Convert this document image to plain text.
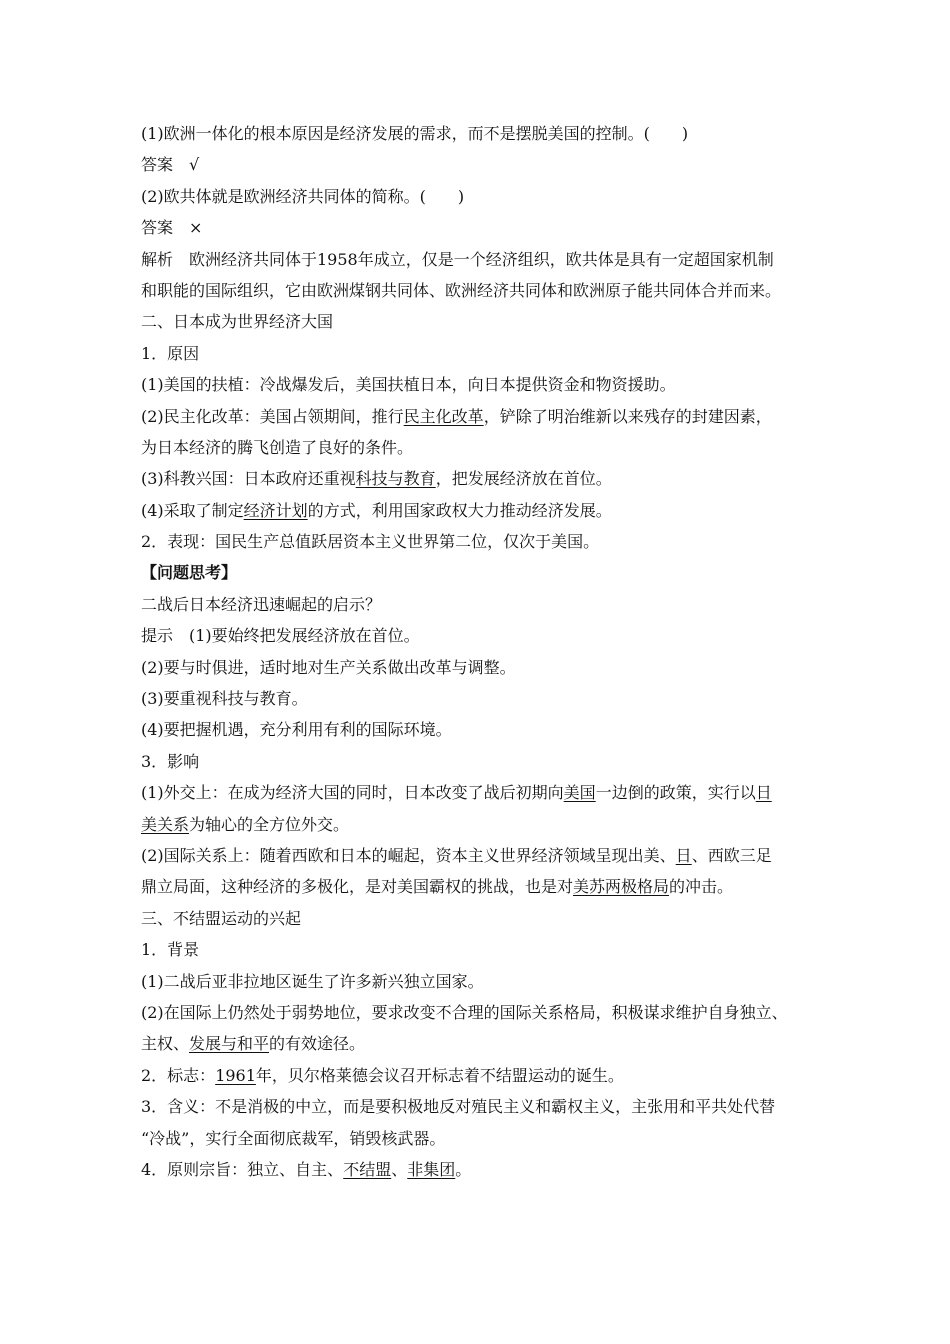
(1)欧洲一体化的根本原因是经济发展的需求，而不是摆脱美国的控制。(　　)
答案　√
(2)欧共体就是欧洲经济共同体的简称。(　　)
答案　×
解析　欧洲经济共同体于1958年成立，仅是一个经济组织，欧共体是具有一定超国家机制
和职能的国际组织，它由欧洲煤钢共同体、欧洲经济共同体和欧洲原子能共同体合并而来。
二、日本成为世界经济大国
1．原因
(1)美国的扶植：冷战爆发后，美国扶植日本，向日本提供资金和物资援助。
(2)民主化改革：美国占领期间，推行民主化改革，铲除了明治维新以来残存的封建因素，
为日本经济的腾飞创造了良好的条件。
(3)科教兴国：日本政府还重视科技与教育，把发展经济放在首位。
(4)采取了制定经济计划的方式，利用国家政权大力推动经济发展。
2．表现：国民生产总值跃居资本主义世界第二位，仅次于美国。
【问题思考】
二战后日本经济迅速崛起的启示？
提示　(1)要始终把发展经济放在首位。
(2)要与时俱进，适时地对生产关系做出改革与调整。
(3)要重视科技与教育。
(4)要把握机遇，充分利用有利的国际环境。
3．影响
(1)外交上：在成为经济大国的同时，日本改变了战后初期向美国一边倒的政策，实行以日
美关系为轴心的全方位外交。
(2)国际关系上：随着西欧和日本的崛起，资本主义世界经济领域呈现出美、日、西欧三足
鼎立局面，这种经济的多极化，是对美国霸权的挑战，也是对美苏两极格局的冲击。
三、不结盟运动的兴起
1．背景
(1)二战后亚非拉地区诞生了许多新兴独立国家。
(2)在国际上仍然处于弱势地位，要求改变不合理的国际关系格局，积极谋求维护自身独立、
主权、发展与和平的有效途径。
2．标志：1961年，贝尔格莱德会议召开标志着不结盟运动的诞生。
3．含义：不是消极的中立，而是要积极地反对殖民主义和霸权主义，主张用和平共处代替
“冷战”，实行全面彻底裁军，销毁核武器。
4．原则宗旨：独立、自主、不结盟、非集团。
